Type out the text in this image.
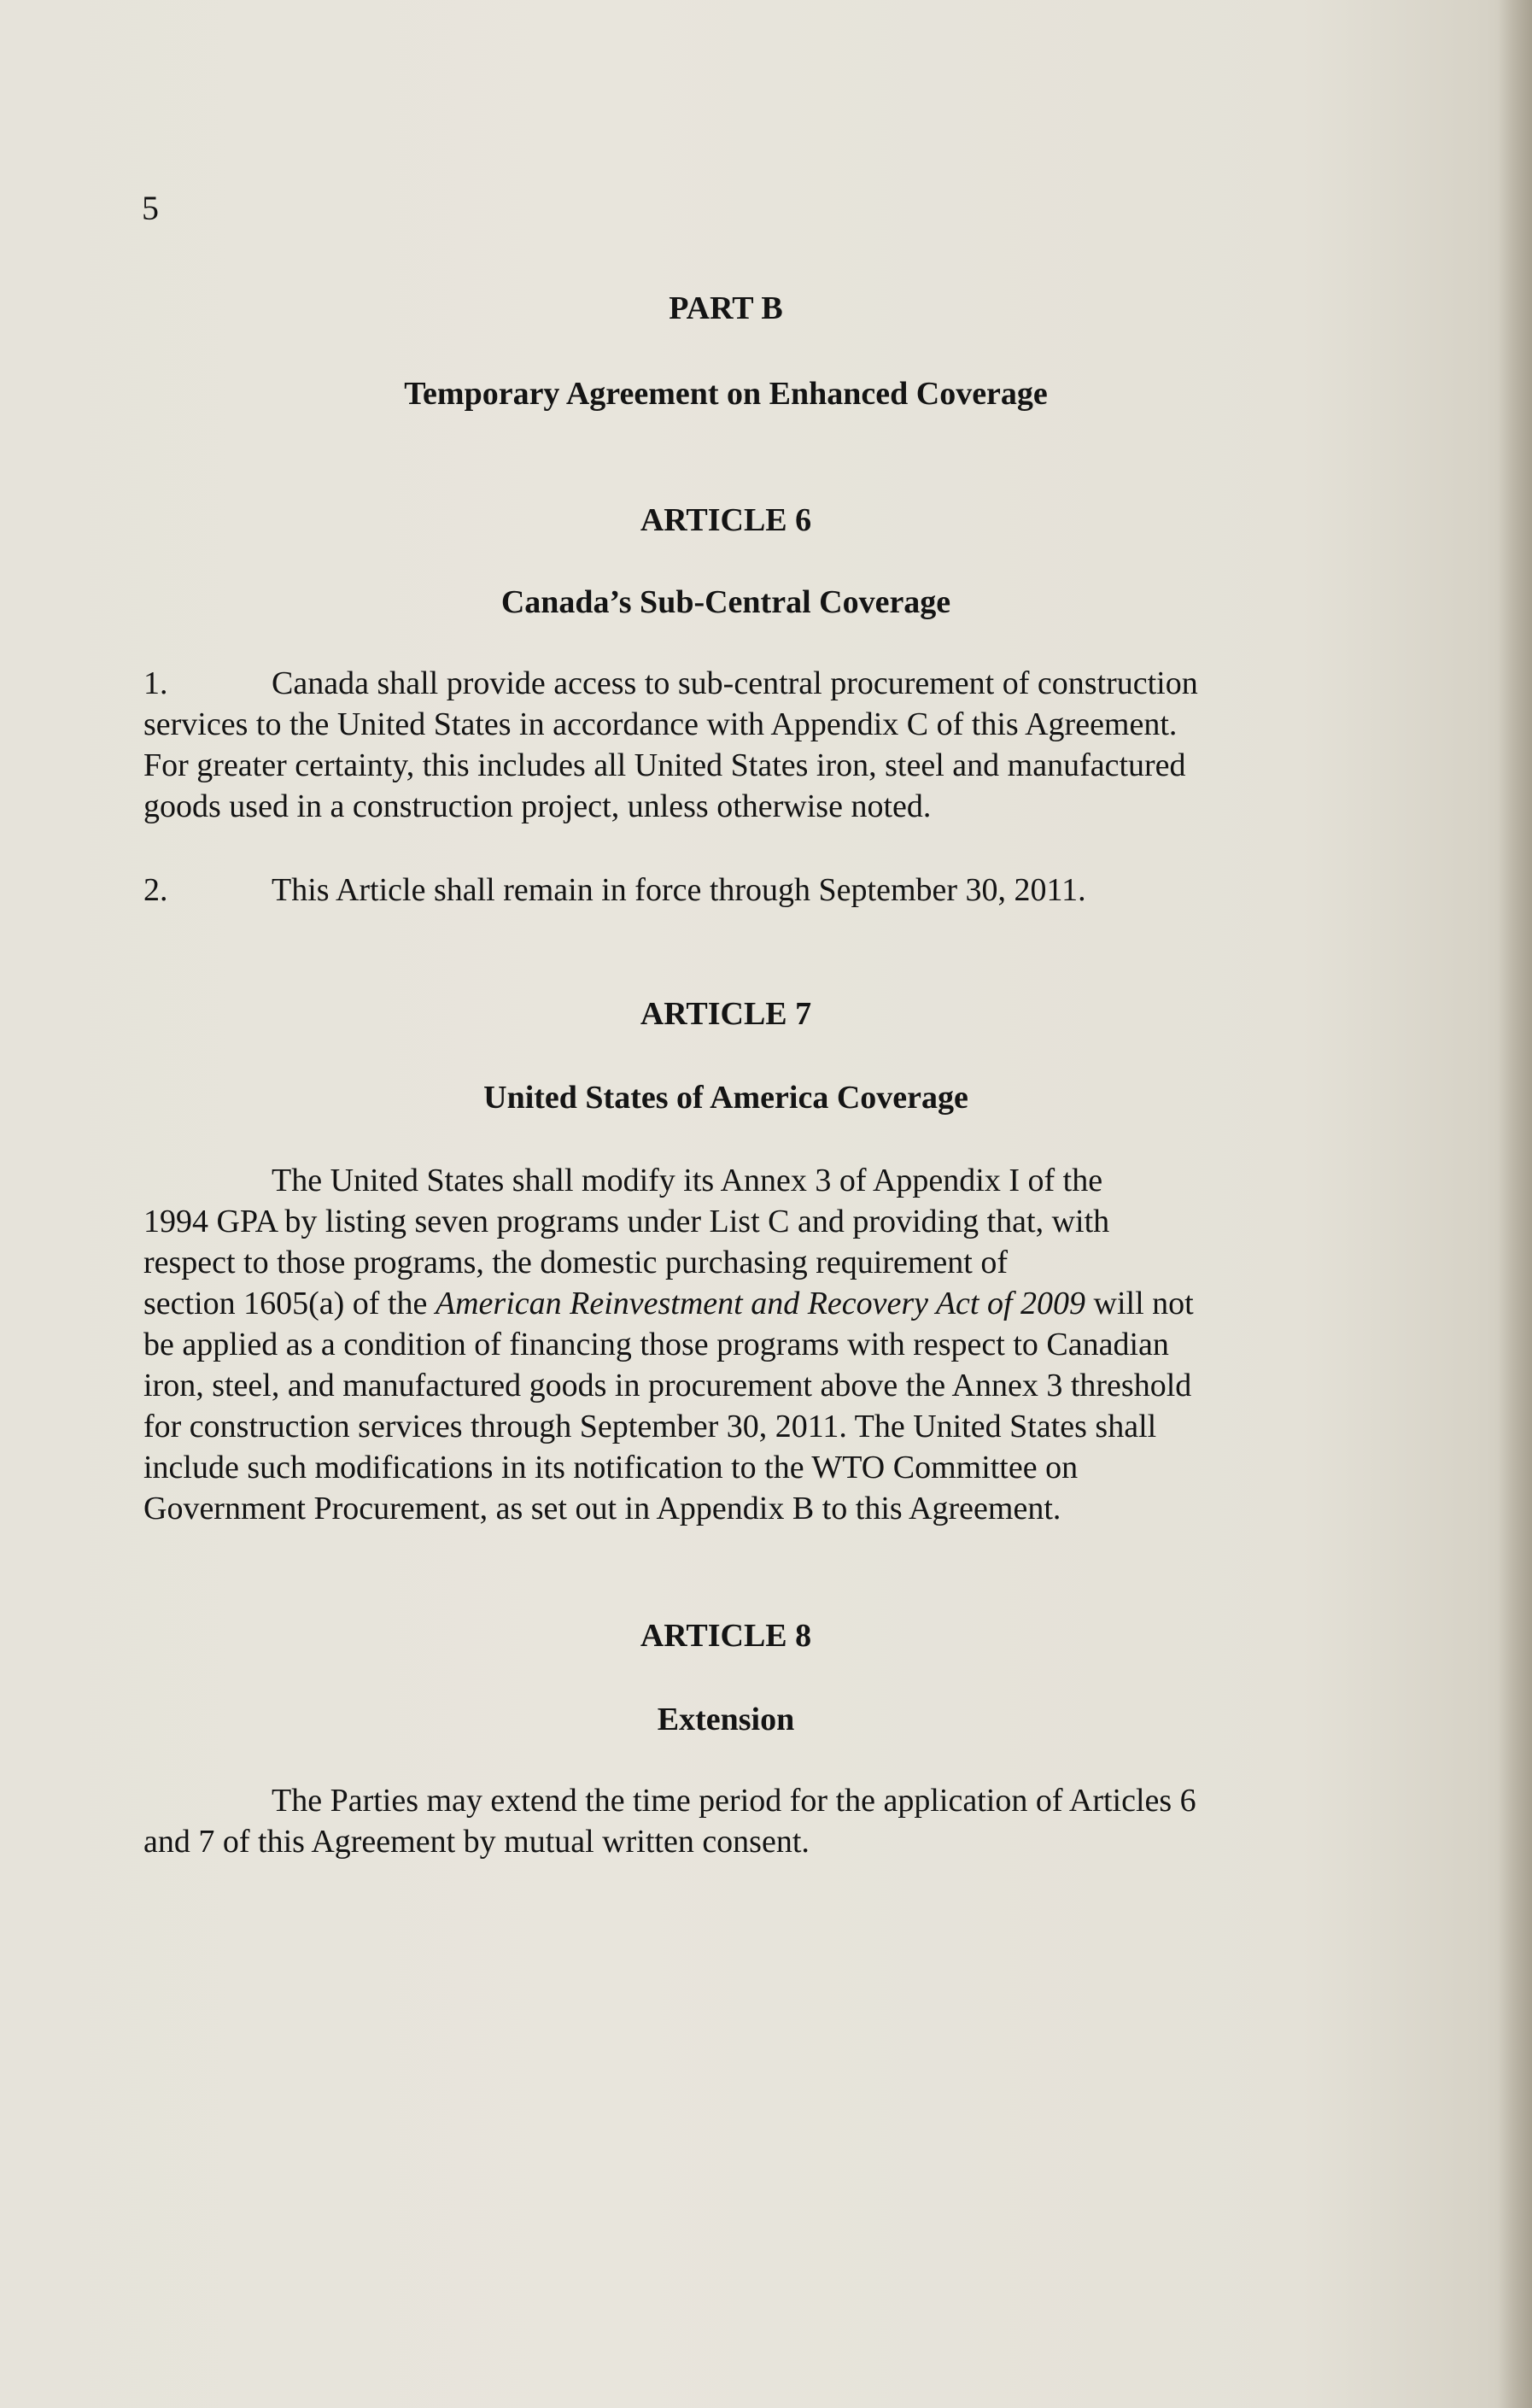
5
PART B
Temporary Agreement on Enhanced Coverage
ARTICLE 6
Canada’s Sub-Central Coverage
1.	Canada shall provide access to sub-central procurement of construction
services to the United States in accordance with Appendix C of this Agreement.
For greater certainty, this includes all United States iron, steel and manufactured
goods used in a construction project, unless otherwise noted.
2.	This Article shall remain in force through September 30, 2011.
ARTICLE 7
United States of America Coverage
The United States shall modify its Annex 3 of Appendix I of the
1994 GPA by listing seven programs under List C and providing that, with
respect to those programs, the domestic purchasing requirement of
section 1605(a) of the American Reinvestment and Recovery Act of 2009 will not
be applied as a condition of financing those programs with respect to Canadian
iron, steel, and manufactured goods in procurement above the Annex 3 threshold
for construction services through September 30, 2011. The United States shall
include such modifications in its notification to the WTO Committee on
Government Procurement, as set out in Appendix B to this Agreement.
ARTICLE 8
Extension
The Parties may extend the time period for the application of Articles 6
and 7 of this Agreement by mutual written consent.
